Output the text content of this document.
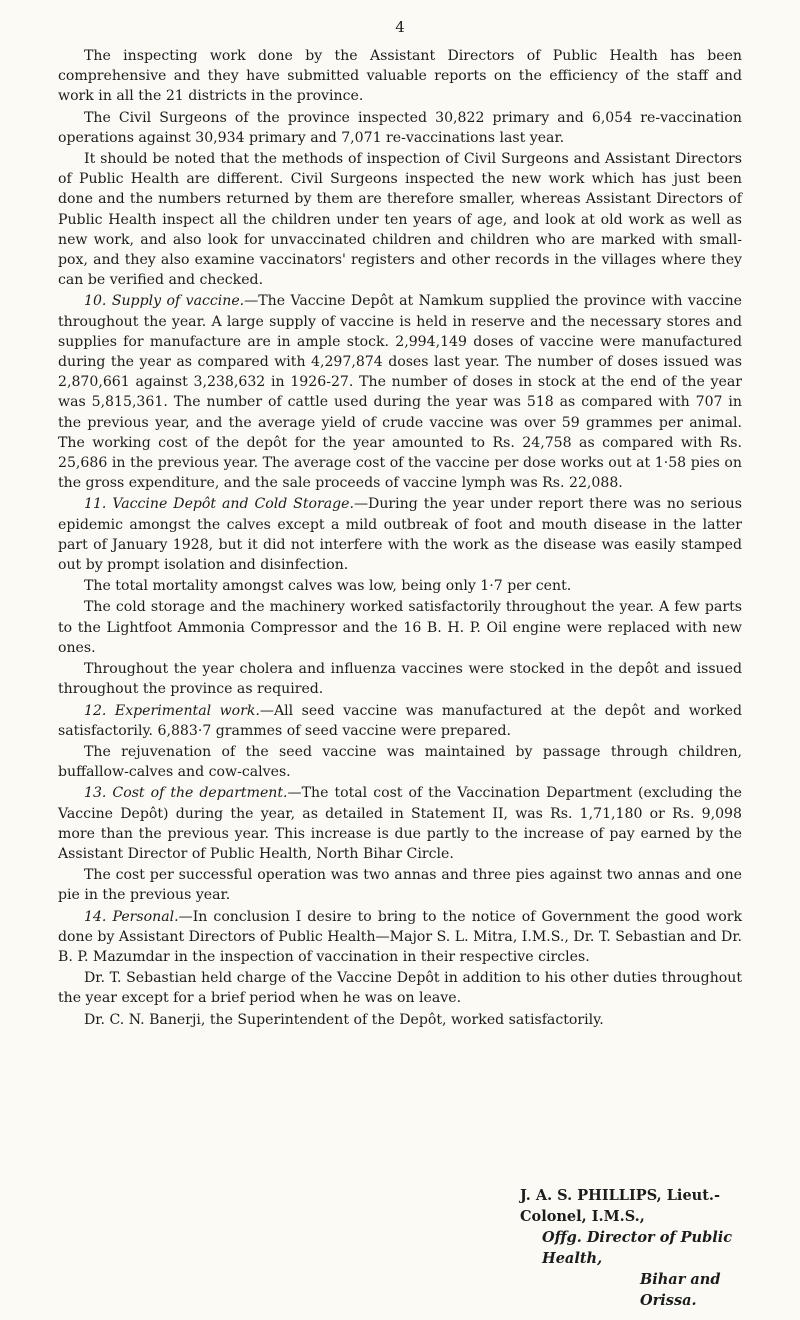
4

The inspecting work done by the Assistant Directors of Public Health has been comprehensive and they have submitted valuable reports on the efficiency of the staff and work in all the 21 districts in the province.

The Civil Surgeons of the province inspected 30,822 primary and 6,054 re-vaccination operations against 30,934 primary and 7,071 re-vaccinations last year.

It should be noted that the methods of inspection of Civil Surgeons and Assistant Directors of Public Health are different. Civil Surgeons inspected the new work which has just been done and the numbers returned by them are therefore smaller, whereas Assistant Directors of Public Health inspect all the children under ten years of age, and look at old work as well as new work, and also look for unvaccinated children and children who are marked with small-pox, and they also examine vaccinators' registers and other records in the villages where they can be verified and checked.

10. Supply of vaccine.—The Vaccine Depôt at Namkum supplied the province with vaccine throughout the year. A large supply of vaccine is held in reserve and the necessary stores and supplies for manufacture are in ample stock. 2,994,149 doses of vaccine were manufactured during the year as compared with 4,297,874 doses last year. The number of doses issued was 2,870,661 against 3,238,632 in 1926-27. The number of doses in stock at the end of the year was 5,815,361. The number of cattle used during the year was 518 as compared with 707 in the previous year, and the average yield of crude vaccine was over 59 grammes per animal. The working cost of the depôt for the year amounted to Rs. 24,758 as compared with Rs. 25,686 in the previous year. The average cost of the vaccine per dose works out at 1·58 pies on the gross expenditure, and the sale proceeds of vaccine lymph was Rs. 22,088.

11. Vaccine Depôt and Cold Storage.—During the year under report there was no serious epidemic amongst the calves except a mild outbreak of foot and mouth disease in the latter part of January 1928, but it did not interfere with the work as the disease was easily stamped out by prompt isolation and disinfection.

The total mortality amongst calves was low, being only 1·7 per cent.

The cold storage and the machinery worked satisfactorily throughout the year. A few parts to the Lightfoot Ammonia Compressor and the 16 B. H. P. Oil engine were replaced with new ones.

Throughout the year cholera and influenza vaccines were stocked in the depôt and issued throughout the province as required.

12. Experimental work.—All seed vaccine was manufactured at the depôt and worked satisfactorily. 6,883·7 grammes of seed vaccine were prepared.

The rejuvenation of the seed vaccine was maintained by passage through children, buffallow-calves and cow-calves.

13. Cost of the department.—The total cost of the Vaccination Department (excluding the Vaccine Depôt) during the year, as detailed in Statement II, was Rs. 1,71,180 or Rs. 9,098 more than the previous year. This increase is due partly to the increase of pay earned by the Assistant Director of Public Health, North Bihar Circle.

The cost per successful operation was two annas and three pies against two annas and one pie in the previous year.

14. Personal.—In conclusion I desire to bring to the notice of Government the good work done by Assistant Directors of Public Health—Major S. L. Mitra, I.M.S., Dr. T. Sebastian and Dr. B. P. Mazumdar in the inspection of vaccination in their respective circles.

Dr. T. Sebastian held charge of the Vaccine Depôt in addition to his other duties throughout the year except for a brief period when he was on leave.

Dr. C. N. Banerji, the Superintendent of the Depôt, worked satisfactorily.

J. A. S. PHILLIPS, Lieut.-Colonel, I.M.S.,
Offg. Director of Public Health,
Bihar and Orissa.
